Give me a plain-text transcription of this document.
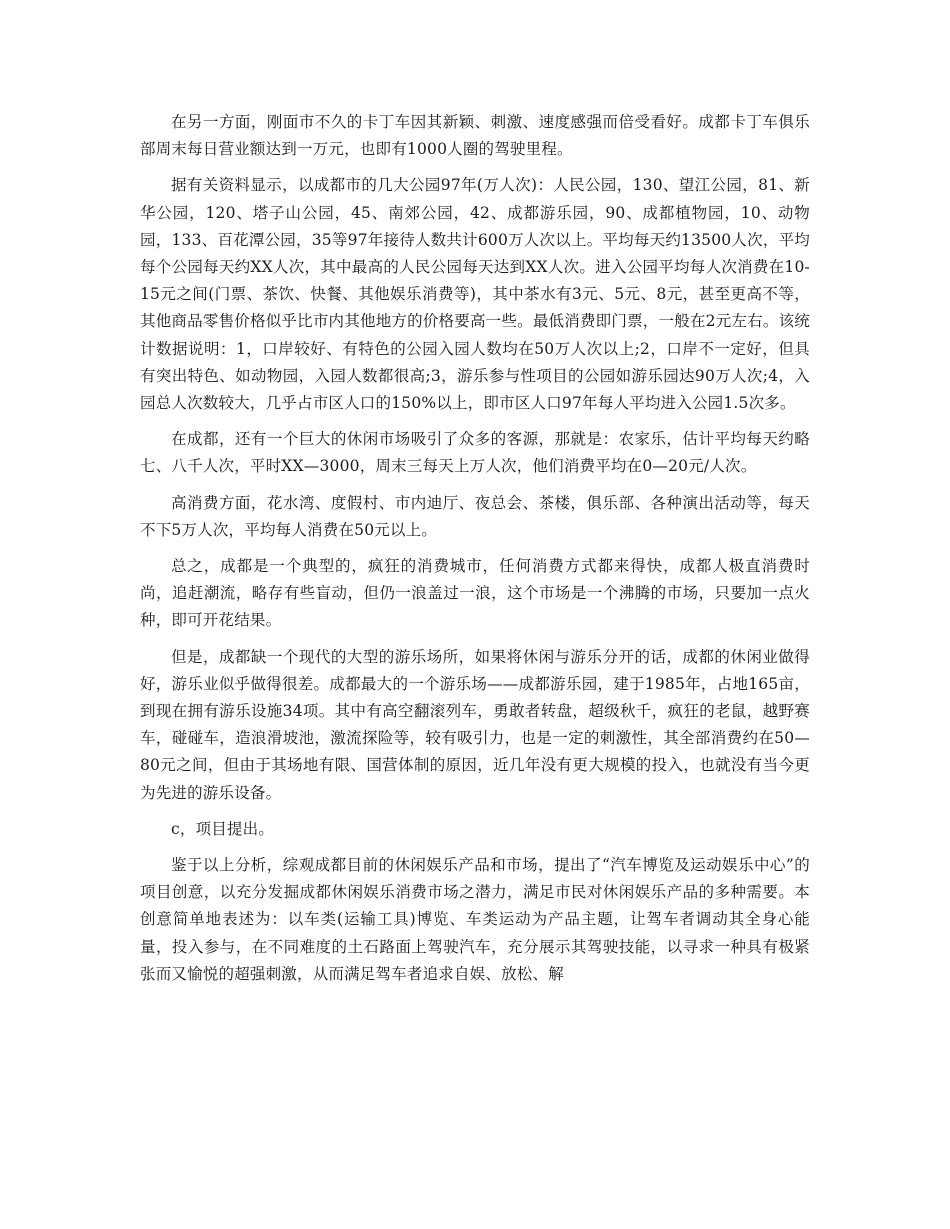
在另一方面，刚面市不久的卡丁车因其新颖、刺激、速度感强而倍受看好。成都卡丁车俱乐部周末每日营业额达到一万元，也即有1000人圈的驾驶里程。

据有关资料显示，以成都市的几大公园97年(万人次)：人民公园，130、望江公园，81、新华公园，120、塔子山公园，45、南郊公园，42、成都游乐园，90、成都植物园，10、动物园，133、百花潭公园，35等97年接待人数共计600万人次以上。平均每天约13500人次，平均每个公园每天约XX人次，其中最高的人民公园每天达到XX人次。进入公园平均每人次消费在10-15元之间(门票、茶饮、快餐、其他娱乐消费等)，其中茶水有3元、5元、8元，甚至更高不等，其他商品零售价格似乎比市内其他地方的价格要高一些。最低消费即门票，一般在2元左右。该统计数据说明：1，口岸较好、有特色的公园入园人数均在50万人次以上;2，口岸不一定好，但具有突出特色、如动物园，入园人数都很高;3，游乐参与性项目的公园如游乐园达90万人次;4，入园总人次数较大，几乎占市区人口的150%以上，即市区人口97年每人平均进入公园1.5次多。

在成都，还有一个巨大的休闲市场吸引了众多的客源，那就是：农家乐，估计平均每天约略七、八千人次，平时XX—3000，周末三每天上万人次，他们消费平均在0—20元/人次。

高消费方面，花水湾、度假村、市内迪厅、夜总会、茶楼，俱乐部、各种演出活动等，每天不下5万人次，平均每人消费在50元以上。

总之，成都是一个典型的，疯狂的消费城市，任何消费方式都来得快，成都人极直消费时尚，追赶潮流，略存有些盲动，但仍一浪盖过一浪，这个市场是一个沸腾的市场，只要加一点火种，即可开花结果。

但是，成都缺一个现代的大型的游乐场所，如果将休闲与游乐分开的话，成都的休闲业做得好，游乐业似乎做得很差。成都最大的一个游乐场——成都游乐园，建于1985年，占地165亩，到现在拥有游乐设施34项。其中有高空翻滚列车，勇敢者转盘，超级秋千，疯狂的老鼠，越野赛车，碰碰车，造浪滑坡池，激流探险等，较有吸引力，也是一定的刺激性，其全部消费约在50—80元之间，但由于其场地有限、国营体制的原因，近几年没有更大规模的投入，也就没有当今更为先进的游乐设备。

c，项目提出。

鉴于以上分析，综观成都目前的休闲娱乐产品和市场，提出了“汽车博览及运动娱乐中心”的项目创意，以充分发掘成都休闲娱乐消费市场之潜力，满足市民对休闲娱乐产品的多种需要。本创意简单地表述为：以车类(运输工具)博览、车类运动为产品主题，让驾车者调动其全身心能量，投入参与，在不同难度的土石路面上驾驶汽车，充分展示其驾驶技能，以寻求一种具有极紧张而又愉悦的超强刺激，从而满足驾车者追求自娱、放松、解
